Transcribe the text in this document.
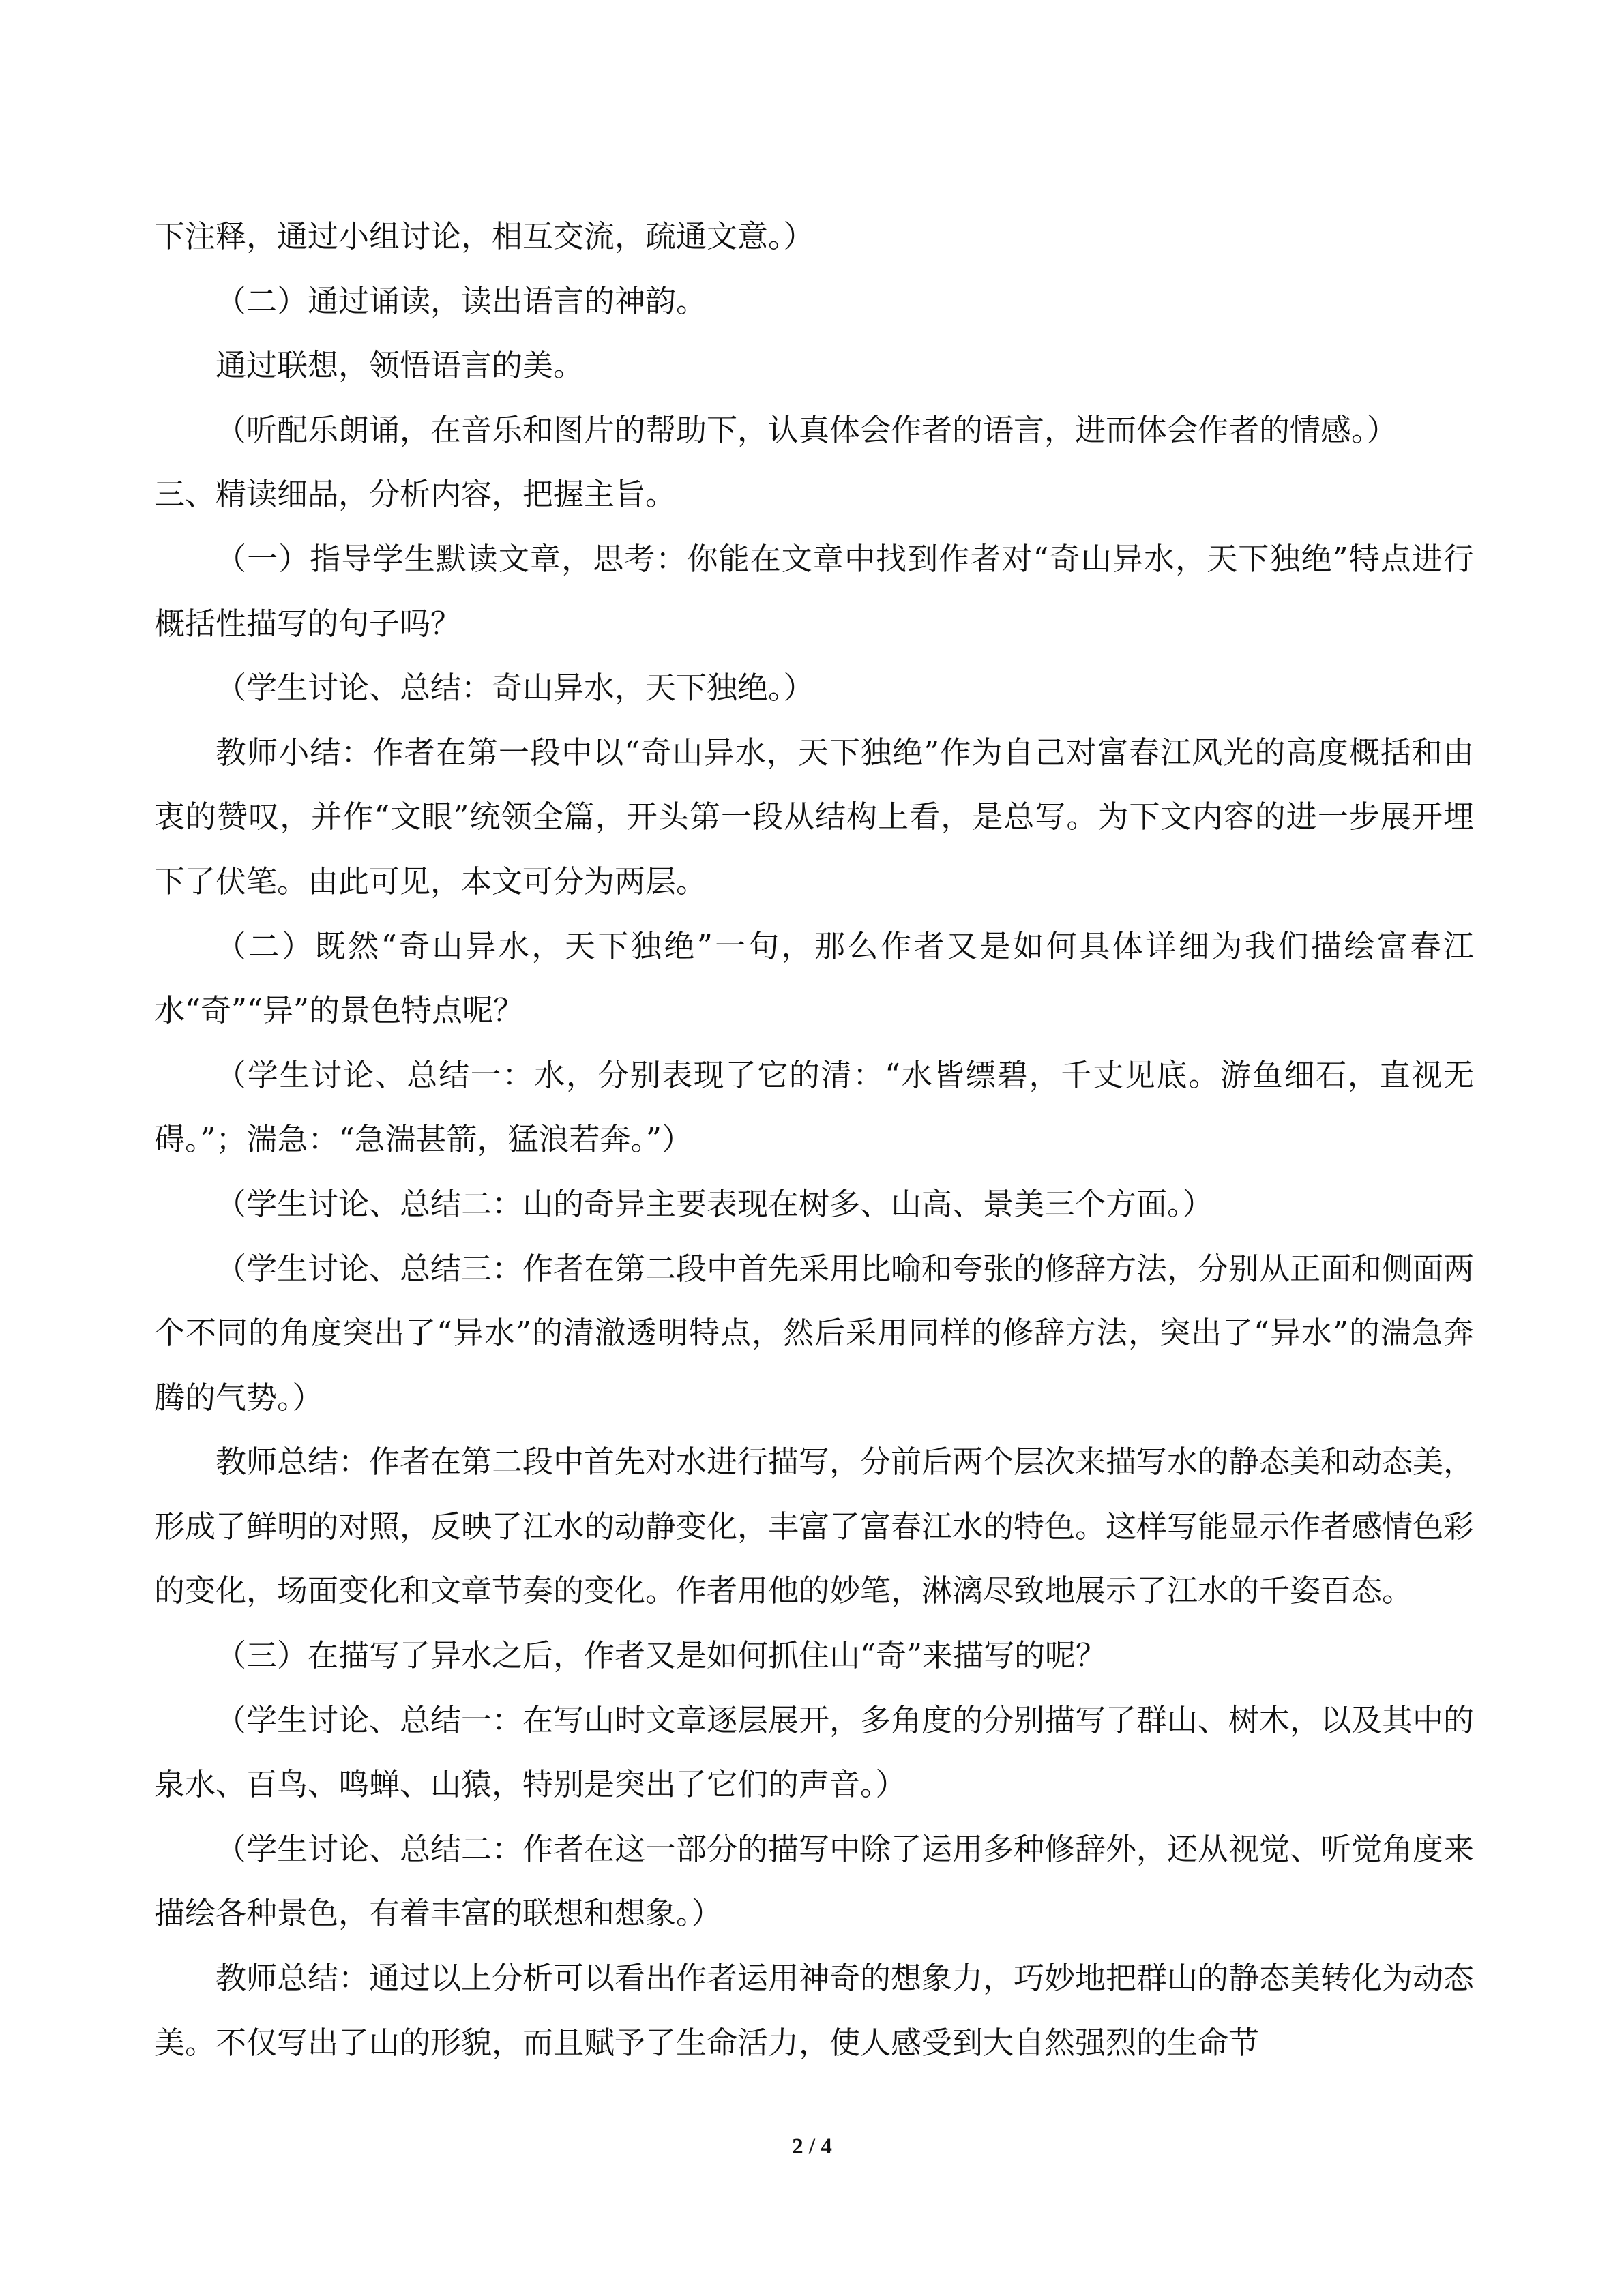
下注释，通过小组讨论，相互交流，疏通文意。）

（二）通过诵读，读出语言的神韵。

通过联想，领悟语言的美。

（听配乐朗诵，在音乐和图片的帮助下，认真体会作者的语言，进而体会作者的情感。）

三、精读细品，分析内容，把握主旨。

（一）指导学生默读文章，思考：你能在文章中找到作者对“奇山异水，天下独绝”特点进行概括性描写的句子吗？

（学生讨论、总结：奇山异水，天下独绝。）

教师小结：作者在第一段中以“奇山异水，天下独绝”作为自己对富春江风光的高度概括和由衷的赞叹，并作“文眼”统领全篇，开头第一段从结构上看，是总写。为下文内容的进一步展开埋下了伏笔。由此可见，本文可分为两层。

（二）既然“奇山异水，天下独绝”一句，那么作者又是如何具体详细为我们描绘富春江水“奇”“异”的景色特点呢？

（学生讨论、总结一：水，分别表现了它的清：“水皆缥碧，千丈见底。游鱼细石，直视无碍。”；湍急：“急湍甚箭，猛浪若奔。”）

（学生讨论、总结二：山的奇异主要表现在树多、山高、景美三个方面。）

（学生讨论、总结三：作者在第二段中首先采用比喻和夸张的修辞方法，分别从正面和侧面两个不同的角度突出了“异水”的清澈透明特点，然后采用同样的修辞方法，突出了“异水”的湍急奔腾的气势。）

教师总结：作者在第二段中首先对水进行描写，分前后两个层次来描写水的静态美和动态美，形成了鲜明的对照，反映了江水的动静变化，丰富了富春江水的特色。这样写能显示作者感情色彩的变化，场面变化和文章节奏的变化。作者用他的妙笔，淋漓尽致地展示了江水的千姿百态。

（三）在描写了异水之后，作者又是如何抓住山“奇”来描写的呢？

（学生讨论、总结一：在写山时文章逐层展开，多角度的分别描写了群山、树木，以及其中的泉水、百鸟、鸣蝉、山猿，特别是突出了它们的声音。）

（学生讨论、总结二：作者在这一部分的描写中除了运用多种修辞外，还从视觉、听觉角度来描绘各种景色，有着丰富的联想和想象。）

教师总结：通过以上分析可以看出作者运用神奇的想象力，巧妙地把群山的静态美转化为动态美。不仅写出了山的形貌，而且赋予了生命活力，使人感受到大自然强烈的生命节

2 / 4
